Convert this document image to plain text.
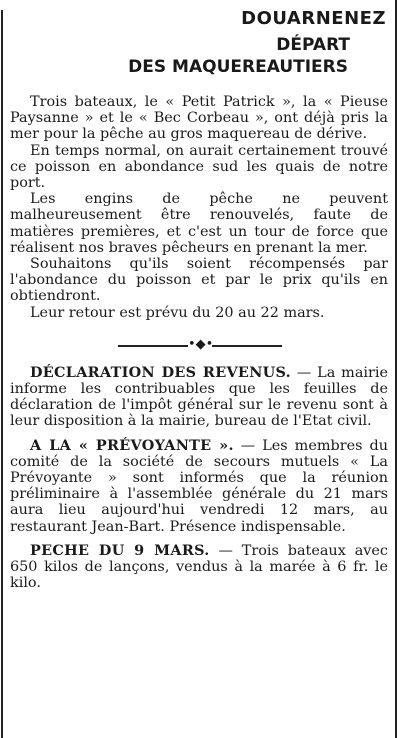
DOUARNENEZ
DÉPART
DES MAQUEREAUTIERS

Trois bateaux, le « Petit Patrick », la « Pieuse Paysanne » et le « Bec Corbeau », ont déjà pris la mer pour la pêche au gros maquereau de dérive.

En temps normal, on aurait certainement trouvé ce poisson en abondance sud les quais de notre port.

Les engins de pêche ne peuvent malheureusement être renouvelés, faute de matières premières, et c'est un tour de force que réalisent nos braves pêcheurs en prenant la mer.

Souhaitons qu'ils soient récompensés par l'abondance du poisson et par le prix qu'ils en obtiendront.

Leur retour est prévu du 20 au 22 mars.

•◆•

DÉCLARATION DES REVENUS. — La mairie informe les contribuables que les feuilles de déclaration de l'impôt général sur le revenu sont à leur disposition à la mairie, bureau de l'Etat civil.

A LA « PRÉVOYANTE ». — Les membres du comité de la société de secours mutuels « La Prévoyante » sont informés que la réunion préliminaire à l'assemblée générale du 21 mars aura lieu aujourd'hui vendredi 12 mars, au restaurant Jean-Bart. Présence indispensable.

PECHE DU 9 MARS. — Trois bateaux avec 650 kilos de lançons, vendus à la marée à 6 fr. le kilo.
